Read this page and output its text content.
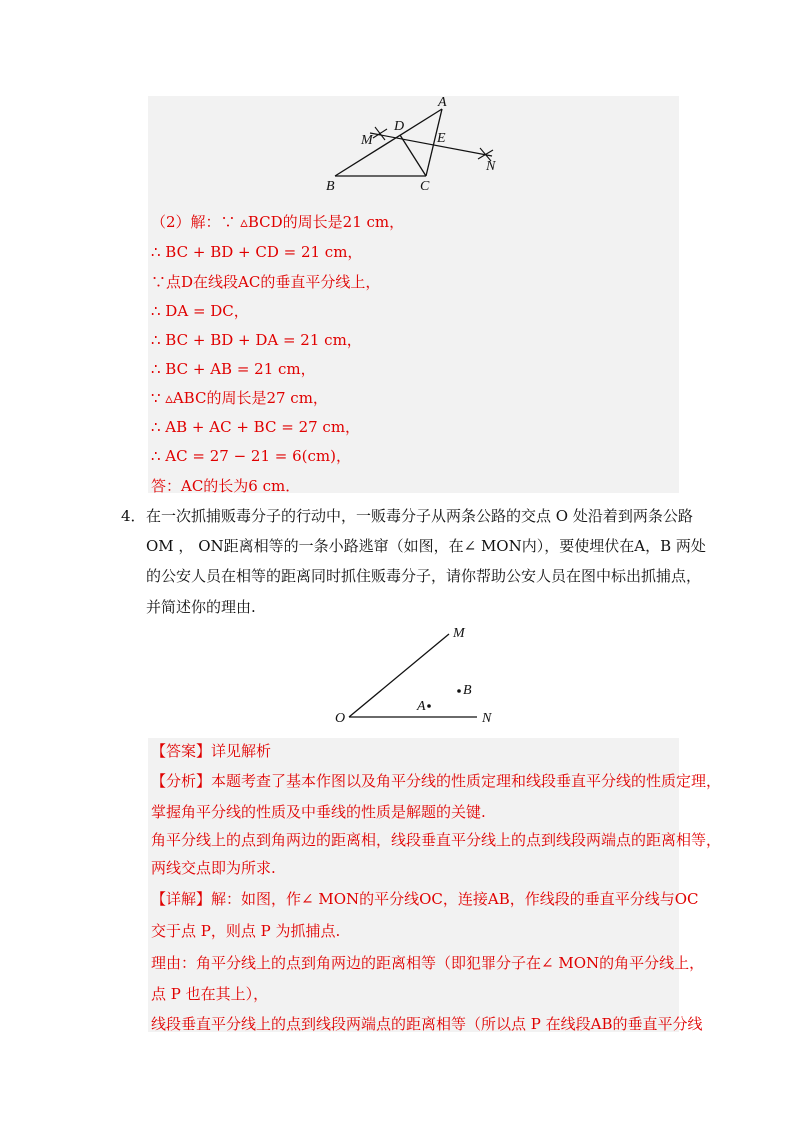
A
B	C
D
E
M
N
（2）解：∵ ▵BCD的周长是21 cm，
∴ BC + BD + CD = 21 cm，
∵点D在线段AC的垂直平分线上，
∴ DA = DC，
∴ BC + BD + DA = 21 cm，
∴ BC + AB = 21 cm，
∵ ▵ABC的周长是27 cm，
∴ AB + AC + BC = 27 cm，
∴ AC = 27 − 21 = 6(cm)，
答：AC的长为6 cm．
4． 在一次抓捕贩毒分子的行动中，一贩毒分子从两条公路的交点 O 处沿着到两条公路
OM ， ON距离相等的一条小路逃窜（如图，在∠ MON内），要使埋伏在A，B 两处
的公安人员在相等的距离同时抓住贩毒分子，请你帮助公安人员在图中标出抓捕点，
并简述你的理由.
O
M
N
A
B
【答案】详见解析
【分析】本题考查了基本作图以及角平分线的性质定理和线段垂直平分线的性质定理，
掌握角平分线的性质及中垂线的性质是解题的关键.
角平分线上的点到角两边的距离相，线段垂直平分线上的点到线段两端点的距离相等，
两线交点即为所求.
【详解】解：如图，作∠ MON的平分线OC，连接AB，作线段的垂直平分线与OC
交于点 P，则点 P 为抓捕点.
理由：角平分线上的点到角两边的距离相等（即犯罪分子在∠ MON的角平分线上，
点 P 也在其上），
线段垂直平分线上的点到线段两端点的距离相等（所以点 P 在线段AB的垂直平分线
